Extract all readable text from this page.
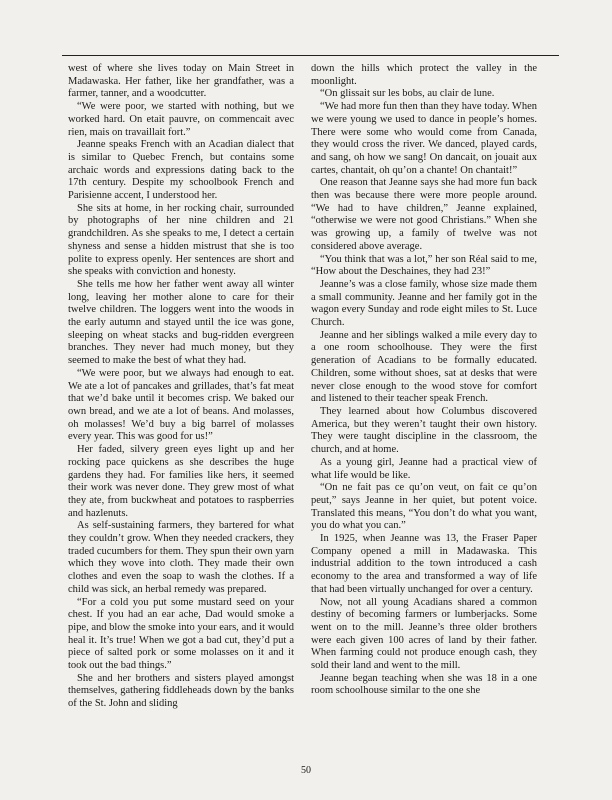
west of where she lives today on Main Street in Madawaska. Her father, like her grandfather, was a farmer, tanner, and a woodcutter.

“We were poor, we started with nothing, but we worked hard. On etait pauvre, on commencait avec rien, mais on travaillait fort.”

Jeanne speaks French with an Acadian dialect that is similar to Quebec French, but contains some archaic words and expressions dating back to the 17th century. Despite my schoolbook French and Parisienne accent, I understood her.

She sits at home, in her rocking chair, surrounded by photographs of her nine children and 21 grandchildren. As she speaks to me, I detect a certain shyness and sense a hidden mistrust that she is too polite to express openly. Her sentences are short and she speaks with conviction and honesty.

She tells me how her father went away all winter long, leaving her mother alone to care for their twelve children. The loggers went into the woods in the early autumn and stayed until the ice was gone, sleeping on wheat stacks and bug-ridden evergreen branches. They never had much money, but they seemed to make the best of what they had.

“We were poor, but we always had enough to eat. We ate a lot of pancakes and grillades, that’s fat meat that we’d bake until it becomes crisp. We baked our own bread, and we ate a lot of beans. And molasses, oh molasses! We’d buy a big barrel of molasses every year. This was good for us!”

Her faded, silvery green eyes light up and her rocking pace quickens as she describes the huge gardens they had. For families like hers, it seemed their work was never done. They grew most of what they ate, from buckwheat and potatoes to raspberries and hazlenuts.

As self-sustaining farmers, they bartered for what they couldn’t grow. When they needed crackers, they traded cucumbers for them. They spun their own yarn which they wove into cloth. They made their own clothes and even the soap to wash the clothes. If a child was sick, an herbal remedy was prepared.

“For a cold you put some mustard seed on your chest. If you had an ear ache, Dad would smoke a pipe, and blow the smoke into your ears, and it would heal it. It’s true! When we got a bad cut, they’d put a piece of salted pork or some molasses on it and it took out the bad things.”

She and her brothers and sisters played amongst themselves, gathering fiddleheads down by the banks of the St. John and sliding

down the hills which protect the valley in the moonlight.

“On glissait sur les bobs, au clair de lune.

“We had more fun then than they have today. When we were young we used to dance in people’s homes. There were some who would come from Canada, they would cross the river. We danced, played cards, and sang, oh how we sang! On dancait, on jouait aux cartes, chantait, oh qu’on a chante! On chantait!”

One reason that Jeanne says she had more fun back then was because there were more people around. “We had to have children,” Jeanne explained, “otherwise we were not good Christians.” When she was growing up, a family of twelve was not considered above average.

“You think that was a lot,” her son Réal said to me, “How about the Deschaines, they had 23!”

Jeanne’s was a close family, whose size made them a small community. Jeanne and her family got in the wagon every Sunday and rode eight miles to St. Luce Church.

Jeanne and her siblings walked a mile every day to a one room schoolhouse. They were the first generation of Acadians to be formally educated. Children, some without shoes, sat at desks that were never close enough to the wood stove for comfort and listened to their teacher speak French.

They learned about how Columbus discovered America, but they weren’t taught their own history. They were taught discipline in the classroom, the church, and at home.

As a young girl, Jeanne had a practical view of what life would be like.

“On ne fait pas ce qu’on veut, on fait ce qu’on peut,” says Jeanne in her quiet, but potent voice. Translated this means, “You don’t do what you want, you do what you can.”

In 1925, when Jeanne was 13, the Fraser Paper Company opened a mill in Madawaska. This industrial addition to the town introduced a cash economy to the area and transformed a way of life that had been virtually unchanged for over a century.

Now, not all young Acadians shared a common destiny of becoming farmers or lumberjacks. Some went on to the mill. Jeanne’s three older brothers were each given 100 acres of land by their father. When farming could not produce enough cash, they sold their land and went to the mill.

Jeanne began teaching when she was 18 in a one room schoolhouse similar to the one she

50
